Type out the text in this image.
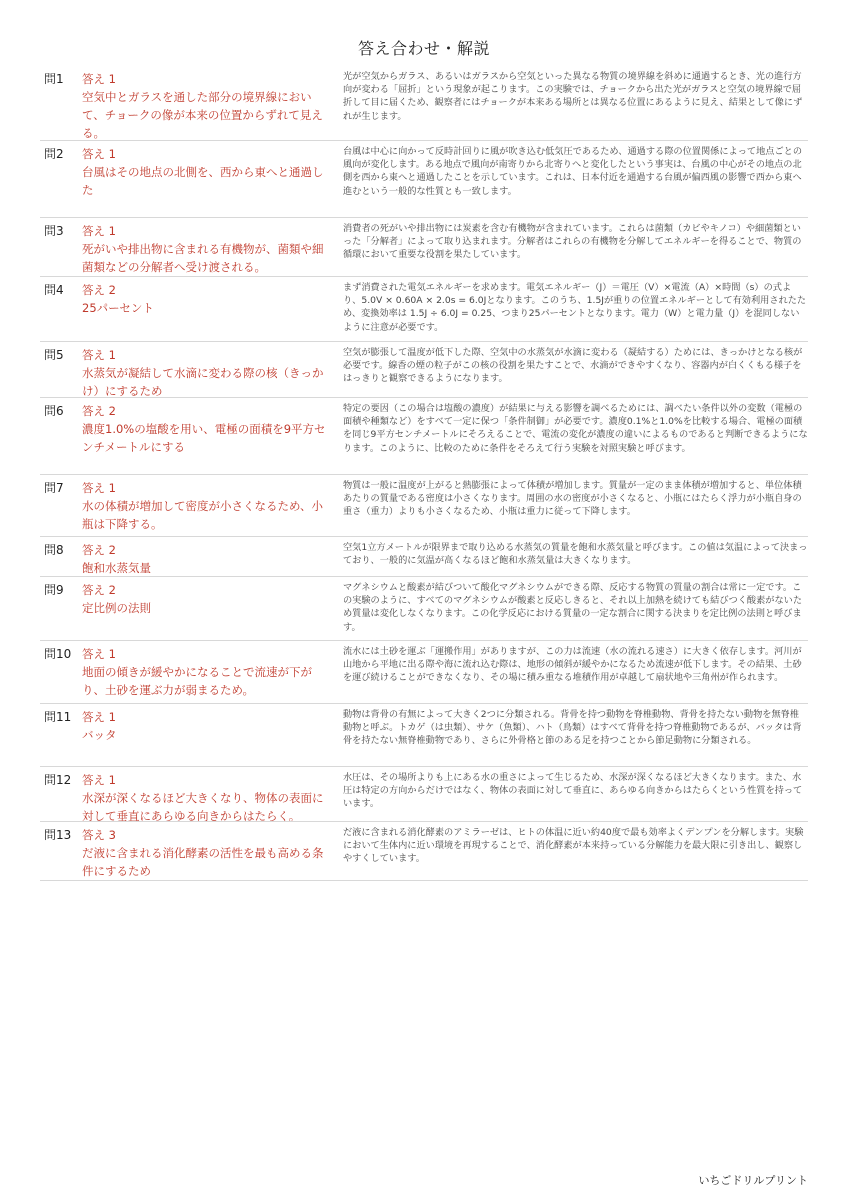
答え合わせ・解説
問1	答え 1
空気中とガラスを通した部分の境界線において、チョークの像が本来の位置からずれて見える。
光が空気からガラス、あるいはガラスから空気といった異なる物質の境界線を斜めに通過するとき、光の進行方向が変わる「屈折」という現象が起こります。この実験では、チョークから出た光がガラスと空気の境界線で屈折して目に届くため、観察者にはチョークが本来ある場所とは異なる位置にあるように見え、結果として像にずれが生じます。
問2	答え 1
台風はその地点の北側を、西から東へと通過した
台風は中心に向かって反時計回りに風が吹き込む低気圧であるため、通過する際の位置関係によって地点ごとの風向が変化します。ある地点で風向が南寄りから北寄りへと変化したという事実は、台風の中心がその地点の北側を西から東へと通過したことを示しています。これは、日本付近を通過する台風が偏西風の影響で西から東へ進むという一般的な性質とも一致します。
問3	答え 1
死がいや排出物に含まれる有機物が、菌類や細菌類などの分解者へ受け渡される。
消費者の死がいや排出物には炭素を含む有機物が含まれています。これらは菌類（カビやキノコ）や細菌類といった「分解者」によって取り込まれます。分解者はこれらの有機物を分解してエネルギーを得ることで、物質の循環において重要な役割を果たしています。
問4	答え 2
25パーセント
まず消費された電気エネルギーを求めます。電気エネルギー（J）＝電圧（V）×電流（A）×時間（s）の式より、5.0V × 0.60A × 2.0s = 6.0Jとなります。このうち、1.5Jが重りの位置エネルギーとして有効利用されたため、変換効率は 1.5J ÷ 6.0J = 0.25、つまり25パーセントとなります。電力（W）と電力量（J）を混同しないように注意が必要です。
問5	答え 1
水蒸気が凝結して水滴に変わる際の核（きっかけ）にするため
空気が膨張して温度が低下した際、空気中の水蒸気が水滴に変わる（凝結する）ためには、きっかけとなる核が必要です。線香の煙の粒子がこの核の役割を果たすことで、水滴ができやすくなり、容器内が白くくもる様子をはっきりと観察できるようになります。
問6	答え 2
濃度1.0%の塩酸を用い、電極の面積を9平方センチメートルにする
特定の要因（この場合は塩酸の濃度）が結果に与える影響を調べるためには、調べたい条件以外の変数（電極の面積や種類など）をすべて一定に保つ「条件制御」が必要です。濃度0.1%と1.0%を比較する場合、電極の面積を同じ9平方センチメートルにそろえることで、電流の変化が濃度の違いによるものであると判断できるようになります。このように、比較のために条件をそろえて行う実験を対照実験と呼びます。
問7	答え 1
水の体積が増加して密度が小さくなるため、小瓶は下降する。
物質は一般に温度が上がると熱膨張によって体積が増加します。質量が一定のまま体積が増加すると、単位体積あたりの質量である密度は小さくなります。周囲の水の密度が小さくなると、小瓶にはたらく浮力が小瓶自身の重さ（重力）よりも小さくなるため、小瓶は重力に従って下降します。
問8	答え 2
飽和水蒸気量
空気1立方メートルが限界まで取り込める水蒸気の質量を飽和水蒸気量と呼びます。この値は気温によって決まっており、一般的に気温が高くなるほど飽和水蒸気量は大きくなります。
問9	答え 2
定比例の法則
マグネシウムと酸素が結びついて酸化マグネシウムができる際、反応する物質の質量の割合は常に一定です。この実験のように、すべてのマグネシウムが酸素と反応しきると、それ以上加熱を続けても結びつく酸素がないため質量は変化しなくなります。この化学反応における質量の一定な割合に関する決まりを定比例の法則と呼びます。
問10 答え 1
地面の傾きが緩やかになることで流速が下がり、土砂を運ぶ力が弱まるため。
流水には土砂を運ぶ「運搬作用」がありますが、この力は流速（水の流れる速さ）に大きく依存します。河川が山地から平地に出る際や海に流れ込む際は、地形の傾斜が緩やかになるため流速が低下します。その結果、土砂を運び続けることができなくなり、その場に積み重なる堆積作用が卓越して扇状地や三角州が作られます。
問11 答え 1
バッタ
動物は背骨の有無によって大きく2つに分類される。背骨を持つ動物を脊椎動物、背骨を持たない動物を無脊椎動物と呼ぶ。トカゲ（は虫類）、サケ（魚類）、ハト（鳥類）はすべて背骨を持つ脊椎動物であるが、バッタは背骨を持たない無脊椎動物であり、さらに外骨格と節のある足を持つことから節足動物に分類される。
問12 答え 1
水深が深くなるほど大きくなり、物体の表面に対して垂直にあらゆる向きからはたらく。
水圧は、その場所よりも上にある水の重さによって生じるため、水深が深くなるほど大きくなります。また、水圧は特定の方向からだけではなく、物体の表面に対して垂直に、あらゆる向きからはたらくという性質を持っています。
問13 答え 3
だ液に含まれる消化酵素の活性を最も高める条件にするため
だ液に含まれる消化酵素のアミラーゼは、ヒトの体温に近い約40度で最も効率よくデンプンを分解します。実験において生体内に近い環境を再現することで、消化酵素が本来持っている分解能力を最大限に引き出し、観察しやすくしています。
いちごドリルプリント
